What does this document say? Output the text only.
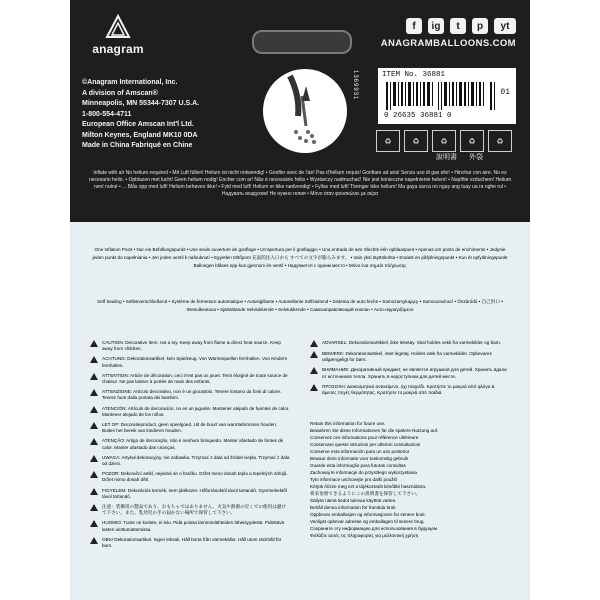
anagram
f	ig	t	p	yt
ANAGRAMBALLOONS.COM
©Anagram International, Inc.
A division of Amscan®
Minneapolis, MN 55344-7307 U.S.A.
1-800-554-4711
European Office Amscan Int'l Ltd.
Milton Keynes, England MK10 0DA
Made in China Fabriqué en Chine
1369931	ITEM No. 36881
0 26635 36881 0
01
♻	♻	♻	♻	♻
說明書 外袋
Inflate with air No helium required • Mit Luft füllen! Helium ist nicht notwendig! • Gonfler avec de l'air! Pas d'hélium requis! Gonfiare ad aria! Senza uso di gas elio! • Hinchar con aire. No es necesario helio. • Opblazen met lucht! Geen helium nodig! Encher com ar! Não é necessário hélio • Wystarczy nadmuchać! Nie jest konieczne napełnienie helem! • Naplňte vzduchem! Helium není nutné • ... Blås opp med luft! Helium behøves ikke! • Fyld med luft! Helium er ikke nødvendig! • Fyllas med luft! Ttrenger ikke helium! Ma gaya sarca no ngay ang tuay ua ra nghe rul • Надувать воздухом! Не нужно гелия • Μόνο όταν φουσκώνει με αέρα
One Inflation Point • Nur ein Befüllungspunkt • Une seule ouverture de gonflage • Un'apertura per il gonfiaggio • Una entrada de aire Slechts één opblaaspunt • Apenas um ponto de enchimento • Jedynie jeden punkt do napełniania • Jen jeden ventil k nafouknutí • Egyetlen töltőpont 充氣的注入口から すべての文字が膨らみます。 • Vain yksi täyttökohta • Endast en påfyllningspunkt • Kun ét opfyldningspunkt Ballongen blåses opp kun gjennom én ventil • Надувается с одним место • Μόνο ένα σημείο πλήρωσης
Self Sealing • Selbstverschließend • Système de fermeture automatique • Autosigillante • Autosellante Zelfsluitend • Sistema de auto feche • Samozamykający • Samouzavírací • Önzáródó • 自己封口 • Itsesulkeutuva • Självtätande Selvlukkende • Selvtukkende • Самозаправляющий клапан • Αυτο-σφραγιζόμενο
CAUTION: Decorative Item, not a toy. Keep away from flame & direct heat source. Keep away from children.
ACHTUNG: Dekorationsartikel, kein Spielzeug. Von Wärmequellen fernhalten. Von Kindern fernhalten.
ATTENTION: Article de décoration, ceci n'est pas un jouet. Tenir éloigné de toute source de chaleur. Ne pas laisser à portée de main des enfants.
ATTENZIONE: Articolo decorativo, non è un giocattolo. Tenere lontano da fonti di calore. Tenere fuori dalla portata dei bambini.
ATENCIÓN: Artículo de decoración, no es un juguete. Mantener alejado de fuentes de calor. Mantener alejado de los niños.
LET OP: Decoratieproduct, geen speelgoed. Uit de buurt van warmtebronnen houden. Buiten het bereik van kinderen houden.
ATENÇÃO: Artigo de decoração, não é nenhum brinquedo. Manter afastado de fontes de calor. Manter afastado das crianças.
UWAGA: Artykuł dekoracyjny, nie zabawka. Trzymać z dala od źródeł ciepła. Trzymać z dala od dzieci.
POZOR: Dekorační artikl, nejedná se o hračku. Držet mimo dosah tepla a tepelných zdrojů. Držet mimo dosah dětí.
FIGYELEM: Dekorációs termék, nem játékszer. Hőforrásoktól távol tartandó. Gyermekektől távol tartandó.
注意：装飾用の製品であり、おもちゃではありません。火気や熱源の近くでの使用は避けて下さい。また、乳幼児の手の届かない場所で保管して下さい。
HUOMIO: Tuote on koriste, ei lelu. Pidä poissa lämmönlähteiden läheisyydestä. Pidettävä lasten ulottumattomissa.
OBS! Dekorationsartikel. Ingen leksak. Håll borta från värmekällor. Håll utom räckhåll för barn.
ADVARSEL: Dekorationsartikkel, ikke leketøy. Skal holdes vekk fra varmekilder og barn.
BEMÆRK: Dekorationsartikel, intet legetøj. Holdes væk fra varmekilder. Opbevares utilgængeligt for børn.
ВНИМАНИЕ: Декоративный предмет, не является игрушкой для детей. Хранить вдали от источников тепла. Хранить в недоступном для детей месте.
ΠΡΟΣΟΧΗ: Διακοσμητικό αντικείμενο, όχι παιχνίδι. Κρατήστε το μακριά από φλόγα & άμεσες πηγές θερμότητας. Κρατήστε το μακριά από παιδιά.
Retain this information for future use.
Bewahren Sie diese Informationen für die spätere Nutzung auf.
Conservez ces informations pour référence ultérieure
Conservare queste istruzioni per ulteriori consultazioni
Conserve esta información para un uso posterior
Bewaar deze informatie voor toekomstig gebruik
Guarde esta informação para futuras consultas
Zachowaj te informacje do przyszłego wykorzystania
Tyto informace uschovejte pro další použití
Kérjük őrizze meg ezt a tájékoztatót későbbi használatra.
将来参照できるようにこの説明書を保管して下さい。
Säilytä nämä tiedot tulevaa käyttöä varten.
Behåll denna information för framtida bruk
Oppbevar emballasjen og informasjonen for senere bruk.
Venligst opbevar adresse og emballagen til senere brug.
Сохраните эту информацию для использования в будущем
Φυλάξτε αυτές τις πληροφορίες για μελλοντική χρήση
